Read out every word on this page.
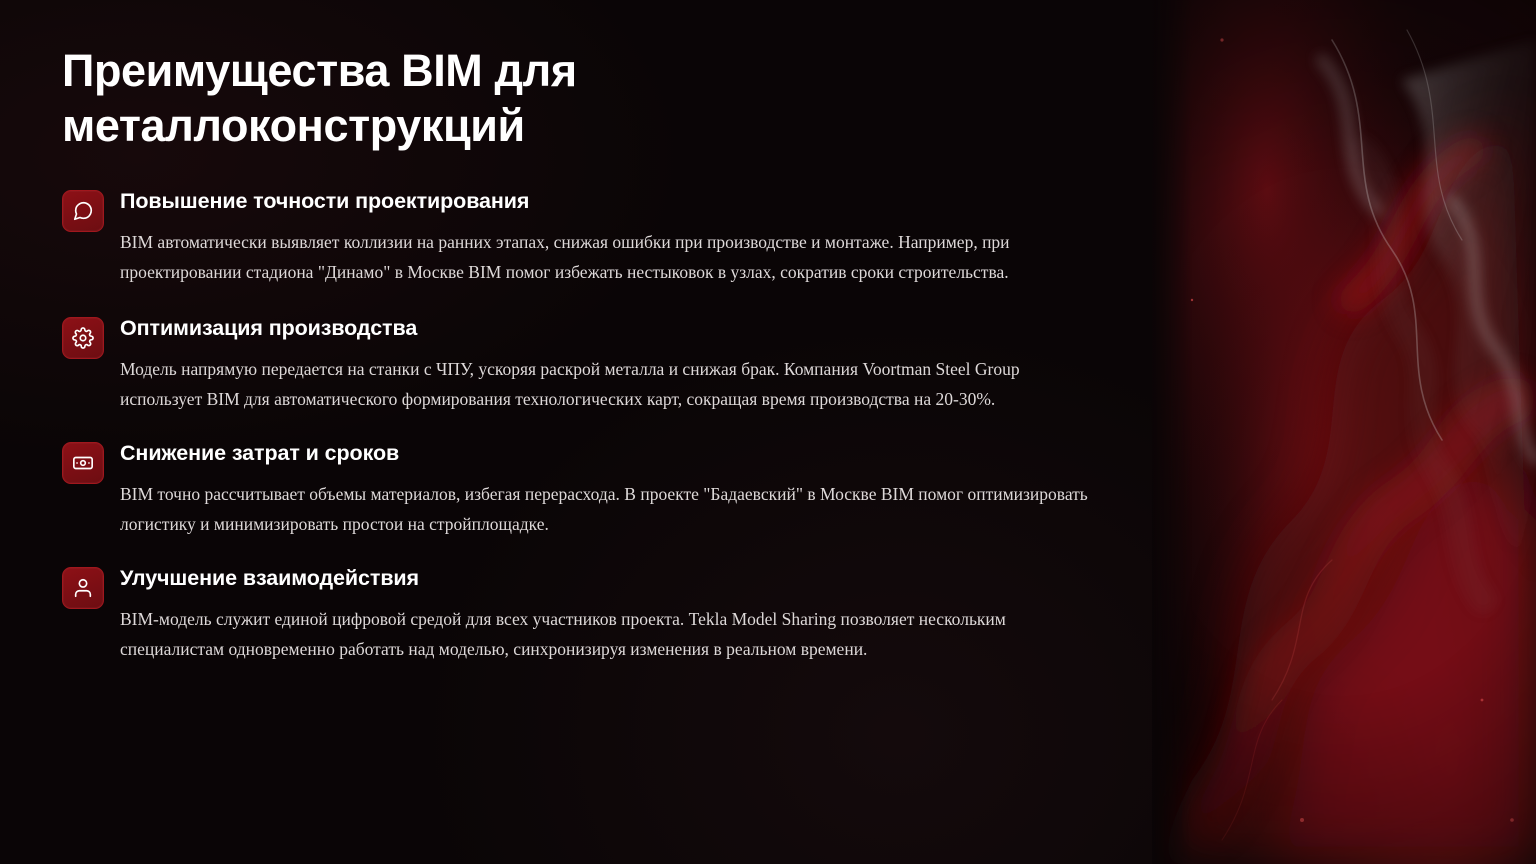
Преимущества BIM для металлоконструкций
Повышение точности проектирования
BIM автоматически выявляет коллизии на ранних этапах, снижая ошибки при производстве и монтаже. Например, при проектировании стадиона "Динамо" в Москве BIM помог избежать нестыковок в узлах, сократив сроки строительства.
Оптимизация производства
Модель напрямую передается на станки с ЧПУ, ускоряя раскрой металла и снижая брак. Компания Voortman Steel Group использует BIM для автоматического формирования технологических карт, сокращая время производства на 20-30%.
Снижение затрат и сроков
BIM точно рассчитывает объемы материалов, избегая перерасхода. В проекте "Бадаевский" в Москве BIM помог оптимизировать логистику и минимизировать простои на стройплощадке.
Улучшение взаимодействия
BIM-модель служит единой цифровой средой для всех участников проекта. Tekla Model Sharing позволяет нескольким специалистам одновременно работать над моделью, синхронизируя изменения в реальном времени.
